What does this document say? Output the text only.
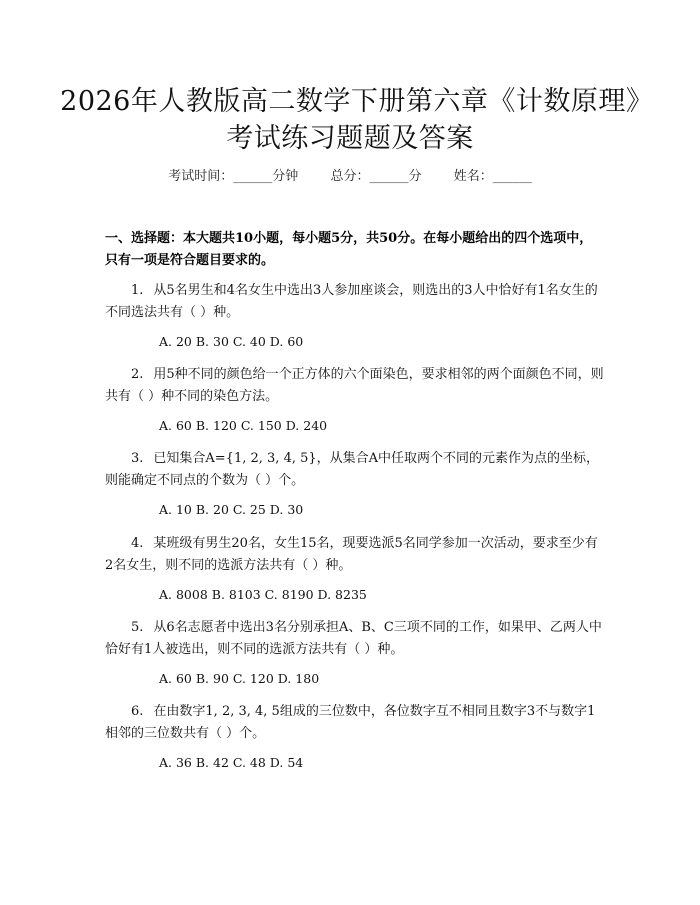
2026年人教版高二数学下册第六章《计数原理》考试练习题题及答案
考试时间：______分钟 总分：______分 姓名：______
一、选择题：本大题共10小题，每小题5分，共50分。在每小题给出的四个选项中，只有一项是符合题目要求的。
1. 从5名男生和4名女生中选出3人参加座谈会，则选出的3人中恰好有1名女生的不同选法共有（ ）种。
A. 20 B. 30 C. 40 D. 60
2. 用5种不同的颜色给一个正方体的六个面染色，要求相邻的两个面颜色不同，则共有（ ）种不同的染色方法。
A. 60 B. 120 C. 150 D. 240
3. 已知集合A={1, 2, 3, 4, 5}，从集合A中任取两个不同的元素作为点的坐标，则能确定不同点的个数为（ ）个。
A. 10 B. 20 C. 25 D. 30
4. 某班级有男生20名，女生15名，现要选派5名同学参加一次活动，要求至少有2名女生，则不同的选派方法共有（ ）种。
A. 8008 B. 8103 C. 8190 D. 8235
5. 从6名志愿者中选出3名分别承担A、B、C三项不同的工作，如果甲、乙两人中恰好有1人被选出，则不同的选派方法共有（ ）种。
A. 60 B. 90 C. 120 D. 180
6. 在由数字1, 2, 3, 4, 5组成的三位数中，各位数字互不相同且数字3不与数字1相邻的三位数共有（ ）个。
A. 36 B. 42 C. 48 D. 54
